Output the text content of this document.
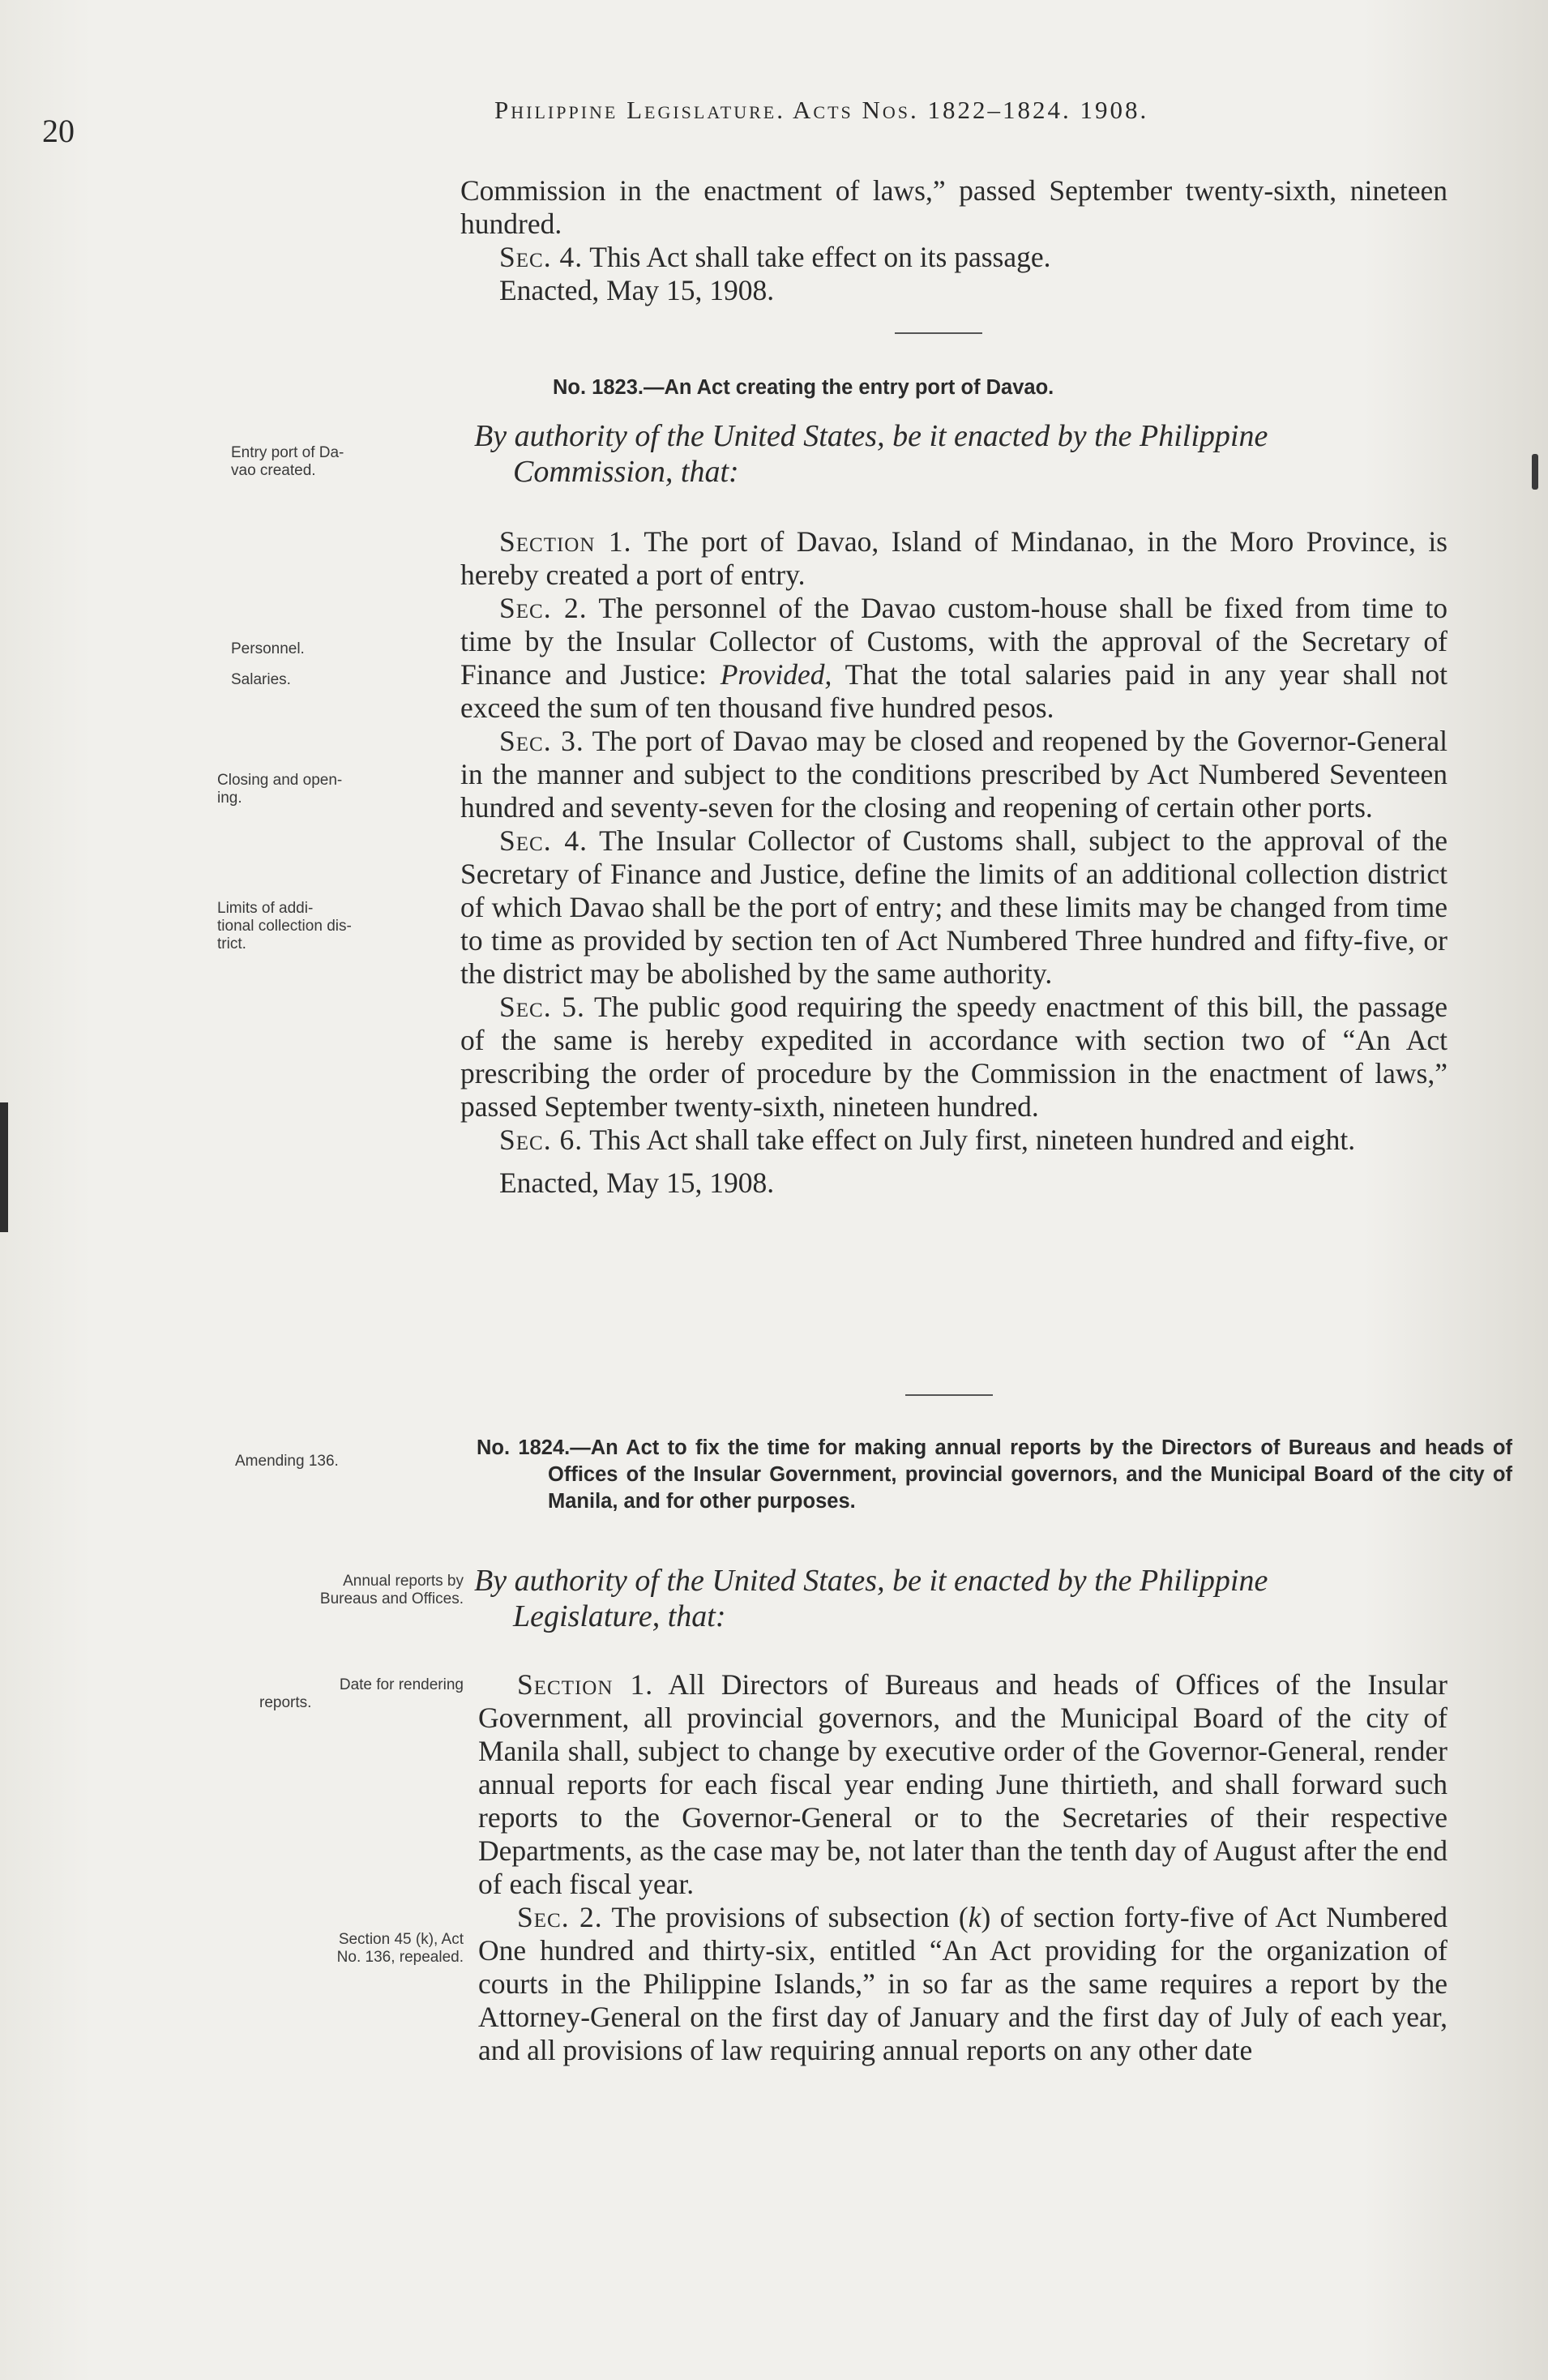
20
Philippine Legislature. Acts Nos. 1822–1824. 1908.

Commission in the enactment of laws,” passed September twenty-sixth, nineteen hundred.

Sec. 4. This Act shall take effect on its passage.

Enacted, May 15, 1908.

No. 1823.—An Act creating the entry port of Davao.
By authority of the United States, be it enacted by the Philippine
Commission, that:

Section 1. The port of Davao, Island of Mindanao, in the Moro Province, is hereby created a port of entry.

Sec. 2. The personnel of the Davao custom-house shall be fixed from time to time by the Insular Collector of Customs, with the approval of the Secretary of Finance and Justice: Provided, That the total salaries paid in any year shall not exceed the sum of ten thousand five hundred pesos.

Sec. 3. The port of Davao may be closed and reopened by the Governor-General in the manner and subject to the conditions prescribed by Act Numbered Seventeen hundred and seventy-seven for the closing and reopening of certain other ports.

Sec. 4. The Insular Collector of Customs shall, subject to the approval of the Secretary of Finance and Justice, define the limits of an additional collection district of which Davao shall be the port of entry; and these limits may be changed from time to time as provided by section ten of Act Numbered Three hundred and fifty-five, or the district may be abolished by the same authority.

Sec. 5. The public good requiring the speedy enactment of this bill, the passage of the same is hereby expedited in accordance with section two of “An Act prescribing the order of procedure by the Commission in the enactment of laws,” passed September twenty-sixth, nineteen hundred.

Sec. 6. This Act shall take effect on July first, nineteen hundred and eight.

Enacted, May 15, 1908.

No. 1824.—An Act to fix the time for making annual reports by the Directors of Bureaus and heads of Offices of the Insular Government, provincial governors, and the Municipal Board of the city of Manila, and for other purposes.
By authority of the United States, be it enacted by the Philippine
Legislature, that:

Section 1. All Directors of Bureaus and heads of Offices of the Insular Government, all provincial governors, and the Municipal Board of the city of Manila shall, subject to change by executive order of the Governor-General, render annual reports for each fiscal year ending June thirtieth, and shall forward such reports to the Governor-General or to the Secretaries of their respective Departments, as the case may be, not later than the tenth day of August after the end of each fiscal year.

Sec. 2. The provisions of subsection (k) of section forty-five of Act Numbered One hundred and thirty-six, entitled “An Act providing for the organization of courts in the Philippine Islands,” in so far as the same requires a report by the Attorney-General on the first day of January and the first day of July of each year, and all provisions of law requiring annual reports on any other date

Entry port of Da-
vao created.
Personnel.
Salaries.
Closing and open-
ing.
Limits of addi-
tional collection dis-
trict.
Amending 136.
Annual reports by
Bureaus and Offices.
Date for rendering
reports.
Section 45 (k), Act
No. 136, repealed.
